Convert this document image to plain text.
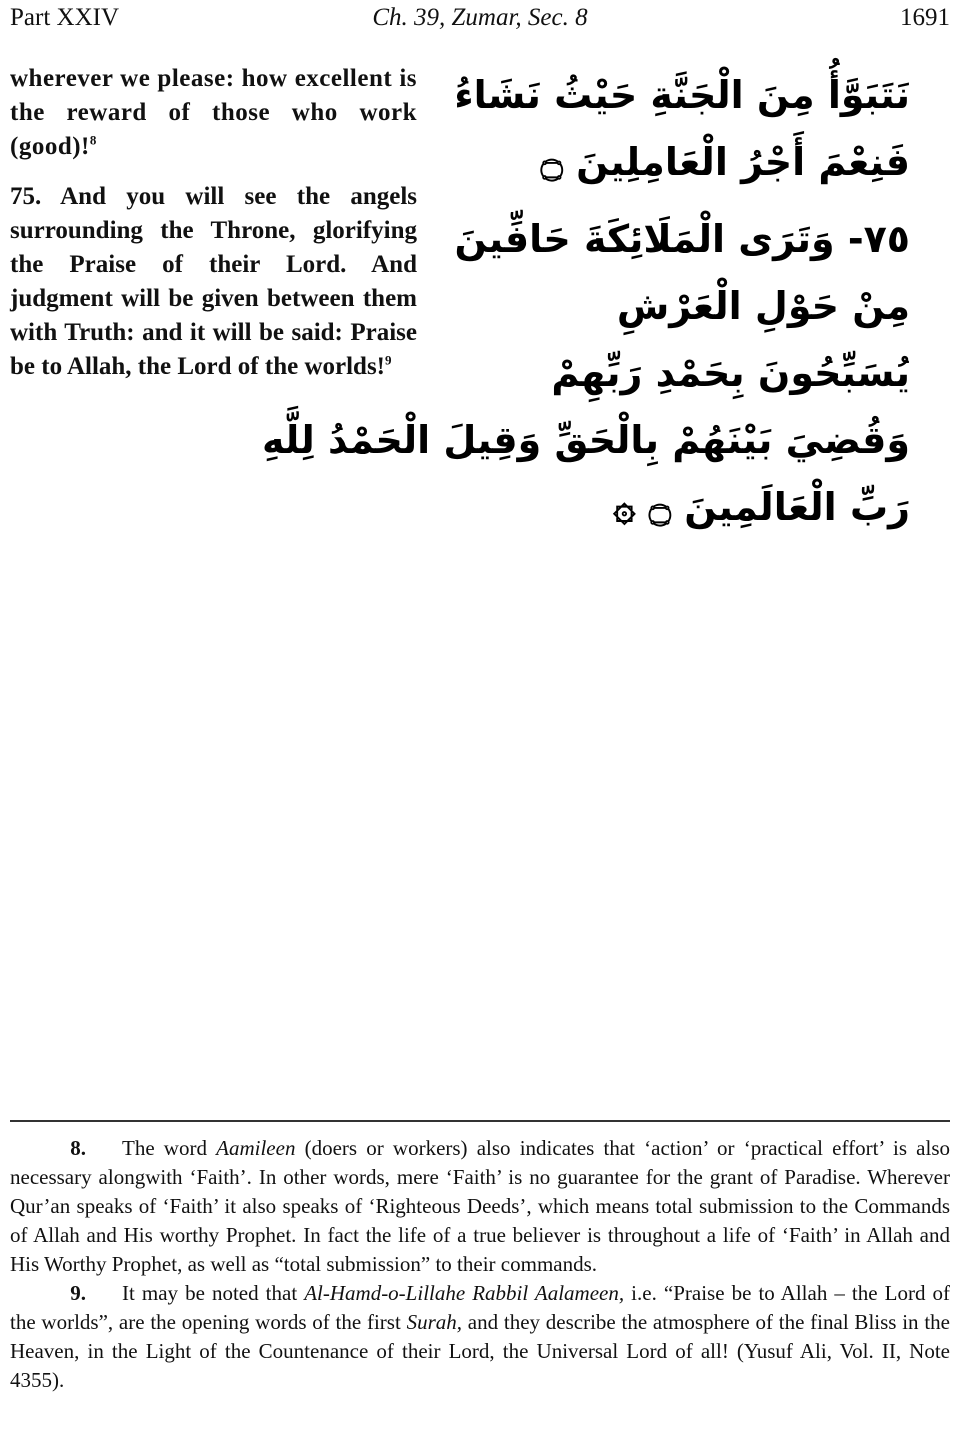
Part XXIV	Ch. 39, Zumar, Sec. 8	1691

wherever we please: how excellent is the reward of those who work (good)!$^8$

75. And you will see the angels surrounding the Throne, glorifying the Praise of their Lord. And judgment will be given between them with Truth: and it will be said: Praise be to Allah, the Lord of the worlds!$^9$

نَتَبَوَّأُ مِنَ الْجَنَّةِ حَيْثُ نَشَاءُ
فَنِعْمَ أَجْرُ الْعَامِلِينَ ۝
٧٥- وَتَرَى الْمَلَائِكَةَ حَافِّينَ
مِنْ حَوْلِ الْعَرْشِ
يُسَبِّحُونَ بِحَمْدِ رَبِّهِمْ
وَقُضِيَ بَيْنَهُمْ بِالْحَقِّ وَقِيلَ الْحَمْدُ لِلَّهِ
رَبِّ الْعَالَمِينَ ۝ ۞

8. The word Aamileen (doers or workers) also indicates that ‘action’ or ‘practical effort’ is also necessary alongwith ‘Faith’. In other words, mere ‘Faith’ is no guarantee for the grant of Paradise. Wherever Qur’an speaks of ‘Faith’ it also speaks of ‘Righteous Deeds’, which means total submission to the Commands of Allah and His worthy Prophet. In fact the life of a true believer is throughout a life of ‘Faith’ in Allah and His Worthy Prophet, as well as “total submission” to their commands.

9. It may be noted that Al-Hamd-o-Lillahe Rabbil Aalameen, i.e. “Praise be to Allah – the Lord of the worlds”, are the opening words of the first Surah, and they describe the atmosphere of the final Bliss in the Heaven, in the Light of the Countenance of their Lord, the Universal Lord of all! (Yusuf Ali, Vol. II, Note 4355).
